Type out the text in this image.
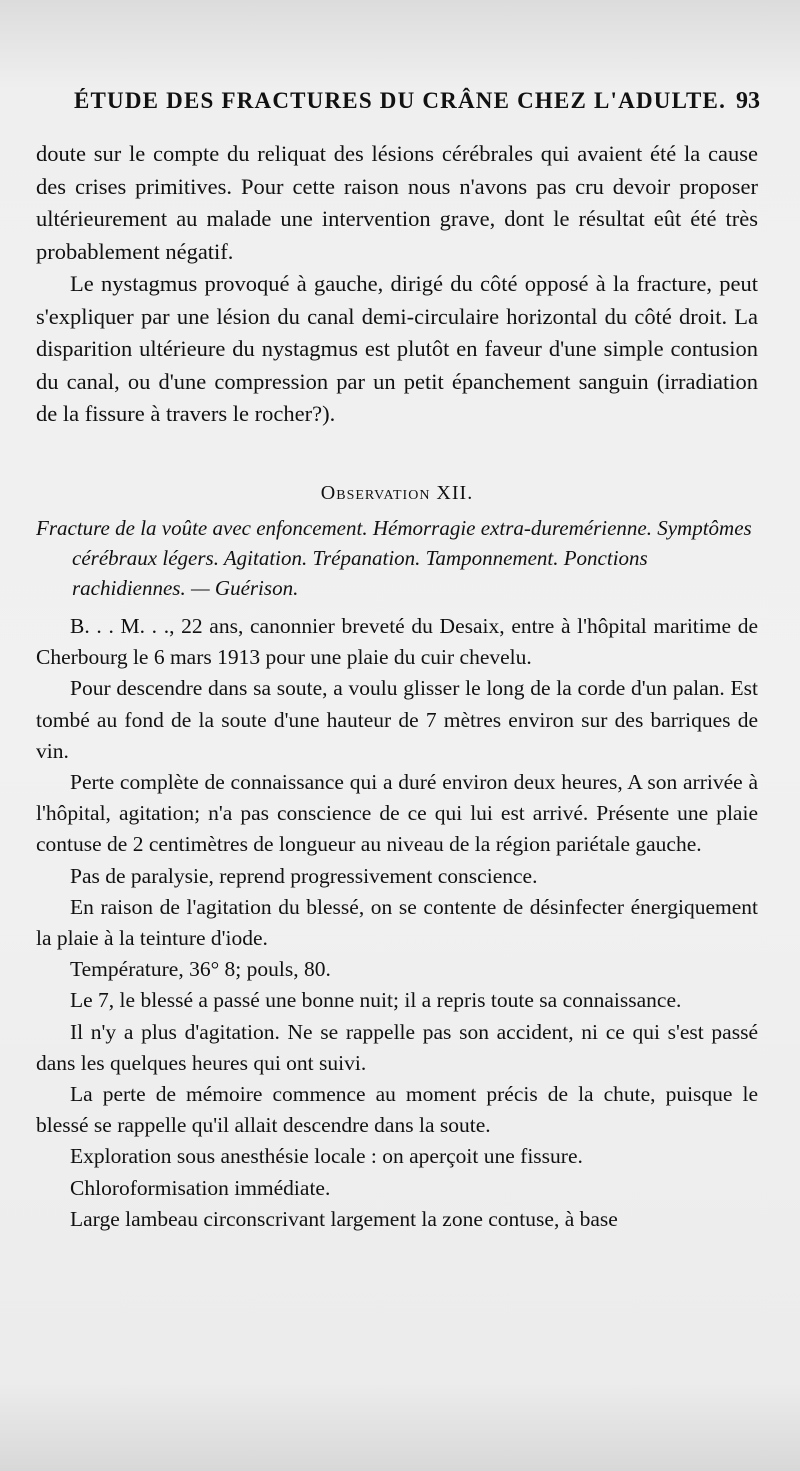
ÉTUDE DES FRACTURES DU CRÂNE CHEZ L'ADULTE. 93

doute sur le compte du reliquat des lésions cérébrales qui avaient été la cause des crises primitives. Pour cette raison nous n'avons pas cru devoir proposer ultérieurement au malade une intervention grave, dont le résultat eût été très probablement négatif.

Le nystagmus provoqué à gauche, dirigé du côté opposé à la fracture, peut s'expliquer par une lésion du canal demi-circulaire horizontal du côté droit. La disparition ultérieure du nystagmus est plutôt en faveur d'une simple contusion du canal, ou d'une compression par un petit épanchement sanguin (irradiation de la fissure à travers le rocher?).

Observation XII.

Fracture de la voûte avec enfoncement. Hémorragie extra-duremérienne. Symptômes cérébraux légers. Agitation. Trépanation. Tamponnement. Ponctions rachidiennes. — Guérison.

B. . . M. . ., 22 ans, canonnier breveté du Desaix, entre à l'hôpital maritime de Cherbourg le 6 mars 1913 pour une plaie du cuir chevelu.

Pour descendre dans sa soute, a voulu glisser le long de la corde d'un palan. Est tombé au fond de la soute d'une hauteur de 7 mètres environ sur des barriques de vin.

Perte complète de connaissance qui a duré environ deux heures, A son arrivée à l'hôpital, agitation; n'a pas conscience de ce qui lui est arrivé. Présente une plaie contuse de 2 centimètres de longueur au niveau de la région pariétale gauche.

Pas de paralysie, reprend progressivement conscience.

En raison de l'agitation du blessé, on se contente de désinfecter énergiquement la plaie à la teinture d'iode.

Température, 36° 8; pouls, 80.

Le 7, le blessé a passé une bonne nuit; il a repris toute sa connaissance.

Il n'y a plus d'agitation. Ne se rappelle pas son accident, ni ce qui s'est passé dans les quelques heures qui ont suivi.

La perte de mémoire commence au moment précis de la chute, puisque le blessé se rappelle qu'il allait descendre dans la soute.

Exploration sous anesthésie locale : on aperçoit une fissure.

Chloroformisation immédiate.

Large lambeau circonscrivant largement la zone contuse, à base
